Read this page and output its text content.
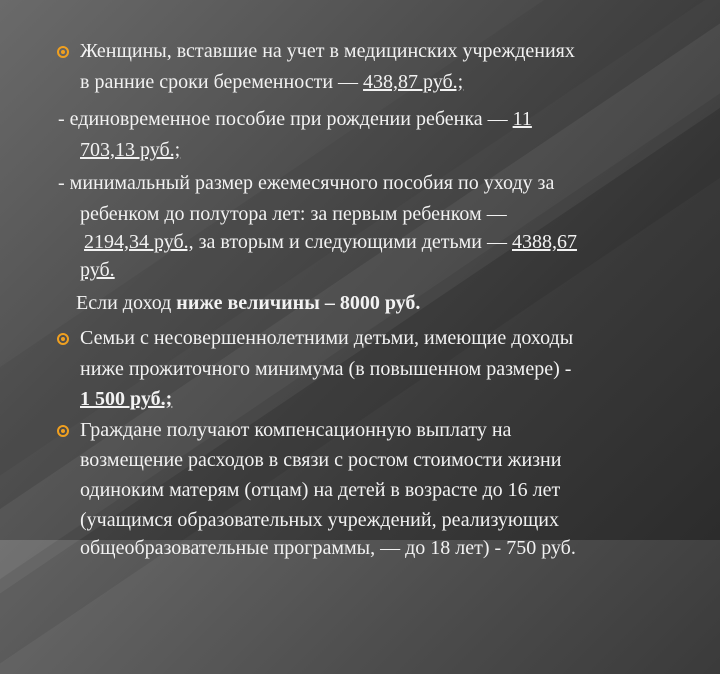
Женщины, вставшие на учет в медицинских учреждениях
в ранние сроки беременности — 438,87 руб.;
- единовременное пособие при рождении ребенка — 11
703,13 руб.;
- минимальный размер ежемесячного пособия по уходу за
ребенком до полутора лет: за первым ребенком —
2194,34 руб., за вторым и следующими детьми — 4388,67
руб.
Если доход ниже величины – 8000 руб.
Семьи с несовершеннолетними детьми, имеющие доходы
ниже прожиточного минимума (в повышенном размере) -
1 500 руб.;
Граждане получают компенсационную выплату на
возмещение расходов в связи с ростом стоимости жизни
одиноким матерям (отцам) на детей в возрасте до 16 лет
(учащимся образовательных учреждений, реализующих
общеобразовательные программы, — до 18 лет) - 750 руб.
